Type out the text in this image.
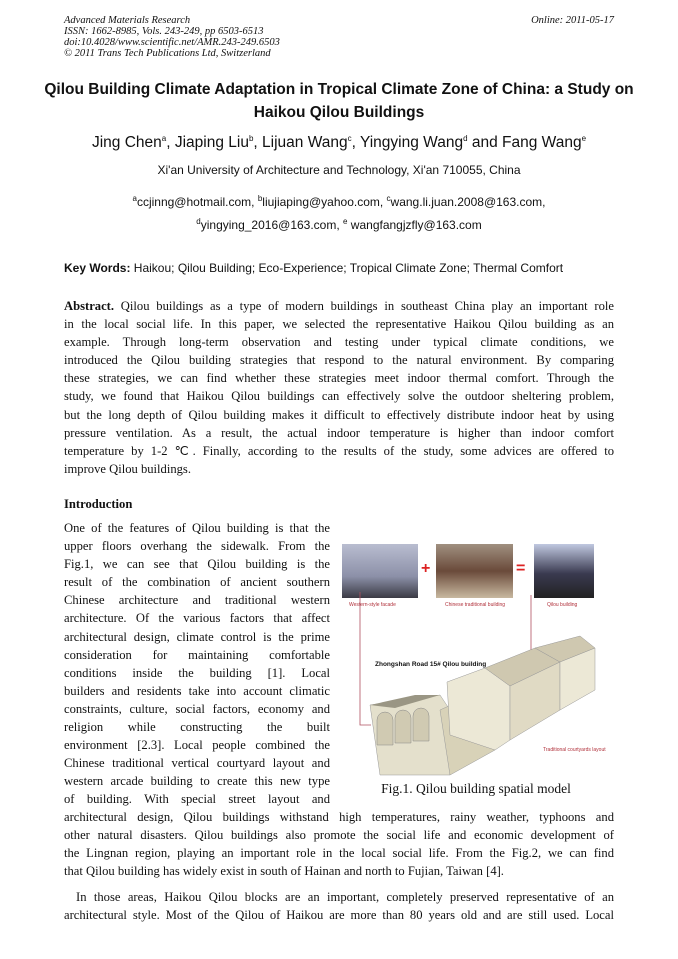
Advanced Materials Research
ISSN: 1662-8985, Vols. 243-249, pp 6503-6513
doi:10.4028/www.scientific.net/AMR.243-249.6503
© 2011 Trans Tech Publications Ltd, Switzerland
Online: 2011-05-17
Qilou Building Climate Adaptation in Tropical Climate Zone of China: a Study on Haikou Qilou Buildings
Jing Chen$^a$, Jiaping Liu$^b$, Lijuan Wang$^c$, Yingying Wang$^d$ and Fang Wang$^e$
Xi'an University of Architecture and Technology, Xi'an 710055, China
$^a$ccjinng@hotmail.com, $^b$liujiaping@yahoo.com, $^c$wang.li.juan.2008@163.com,
$^d$yingying_2016@163.com, $^e$ wangfangjzfly@163.com
Key Words: Haikou; Qilou Building; Eco-Experience; Tropical Climate Zone; Thermal Comfort
Abstract. Qilou buildings as a type of modern buildings in southeast China play an important role
in the local social life. In this paper, we selected the representative Haikou Qilou building as an
example. Through long-term observation and testing under typical climate conditions, we
introduced the Qilou building strategies that respond to the natural environment. By comparing
these strategies, we can find whether these strategies meet indoor thermal comfort. Through the
study, we found that Haikou Qilou buildings can effectively solve the outdoor sheltering problem,
but the long depth of Qilou building makes it difficult to effectively distribute indoor heat by using
pressure ventilation. As a result, the actual indoor temperature is higher than indoor comfort
temperature by 1-2 ℃. Finally, according to the results of the study, some advices are offered to
improve Qilou buildings.
Introduction
One of the features of Qilou building is that the
upper floors overhang the sidewalk. From the
Fig.1, we can see that Qilou building is the
result of the combination of ancient southern
Chinese architecture and traditional western
architecture. Of the various factors that affect
architectural design, climate control is the prime
consideration for maintaining comfortable
conditions inside the building [1]. Local
builders and residents take into account climatic
constraints, culture, social factors, economy and
religion while constructing the built
environment [2.3]. Local people combined the
Chinese traditional vertical courtyard layout and
western arcade building to create this new type
of building. With special street layout and
architectural design, Qilou buildings withstand high temperatures, rainy weather, typhoons and
other natural disasters. Qilou buildings also promote the social life and economic development of
the Lingnan region, playing an important role in the local social life. From the Fig.2, we can find
that Qilou building has widely exist in south of Hainan and north to Fujian, Taiwan [4].
In those areas, Haikou Qilou blocks are an important, completely preserved representative of an
architectural style. Most of the Qilou of Haikou are more than 80 years old and are still used. Local
+	=
Western-style facade	Chinese traditional building	Qilou building
Zhongshan Road 15# Qilou building
Traditional courtyards layout
Fig.1. Qilou building spatial model
